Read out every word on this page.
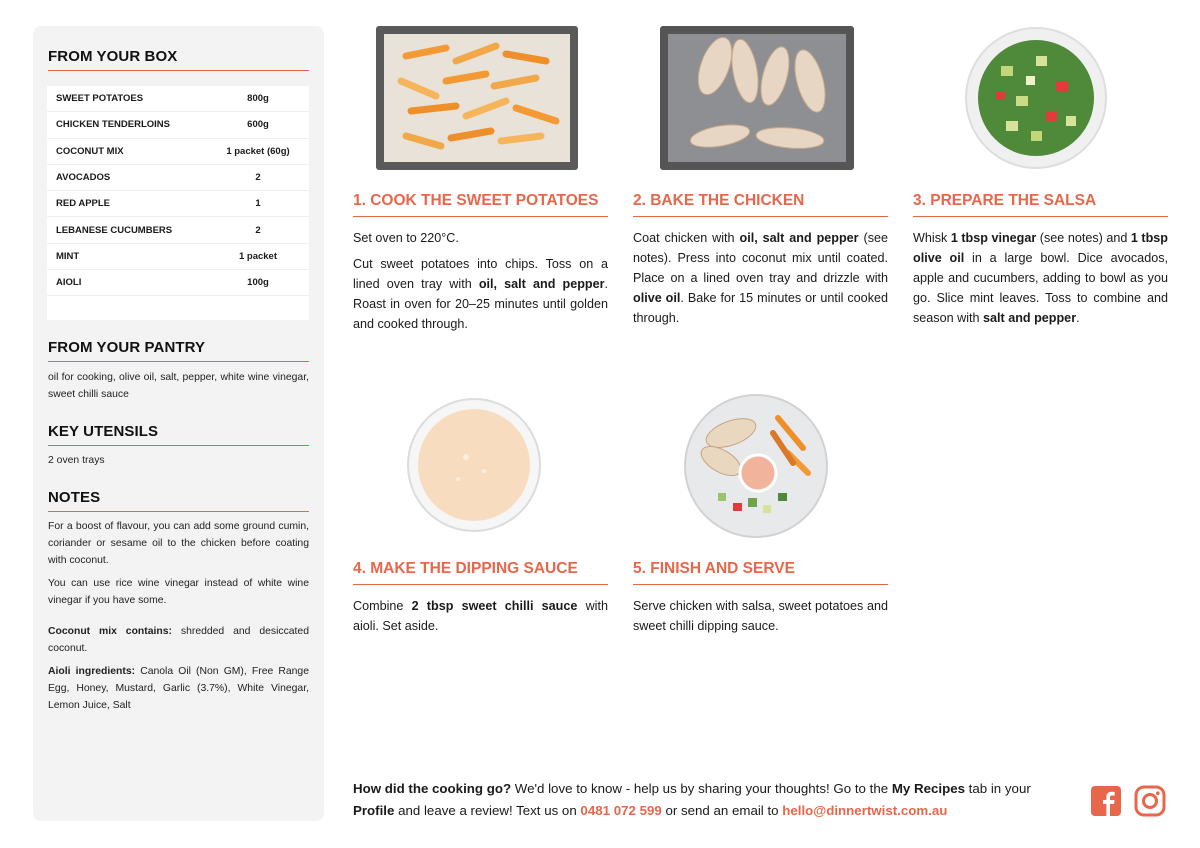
FROM YOUR BOX
SWEET POTATOES	800g
CHICKEN TENDERLOINS	600g
COCONUT MIX	1 packet (60g)
AVOCADOS	2
RED APPLE	1
LEBANESE CUCUMBERS	2
MINT	1 packet
AIOLI	100g
FROM YOUR PANTRY
oil for cooking, olive oil, salt, pepper, white wine vinegar, sweet chilli sauce
KEY UTENSILS
2 oven trays
NOTES

For a boost of flavour, you can add some ground cumin, coriander or sesame oil to the chicken before coating with coconut.

You can use rice wine vinegar instead of white wine vinegar if you have some.

Coconut mix contains: shredded and desiccated coconut.

Aioli ingredients: Canola Oil (Non GM), Free Range Egg, Honey, Mustard, Garlic (3.7%), White Vinegar, Lemon Juice, Salt

1. COOK THE SWEET POTATOES

Set oven to 220°C.

Cut sweet potatoes into chips. Toss on a lined oven tray with oil, salt and pepper. Roast in oven for 20–25 minutes until golden and cooked through.

2. BAKE THE CHICKEN

Coat chicken with oil, salt and pepper (see notes). Press into coconut mix until coated. Place on a lined oven tray and drizzle with olive oil. Bake for 15 minutes or until cooked through.

3. PREPARE THE SALSA

Whisk 1 tbsp vinegar (see notes) and 1 tbsp olive oil in a large bowl. Dice avocados, apple and cucumbers, adding to bowl as you go. Slice mint leaves. Toss to combine and season with salt and pepper.

4. MAKE THE DIPPING SAUCE

Combine 2 tbsp sweet chilli sauce with aioli. Set aside.

5. FINISH AND SERVE

Serve chicken with salsa, sweet potatoes and sweet chilli dipping sauce.

How did the cooking go? We'd love to know - help us by sharing your thoughts! Go to the My Recipes tab in your Profile and leave a review! Text us on 0481 072 599 or send an email to hello@dinnertwist.com.au
